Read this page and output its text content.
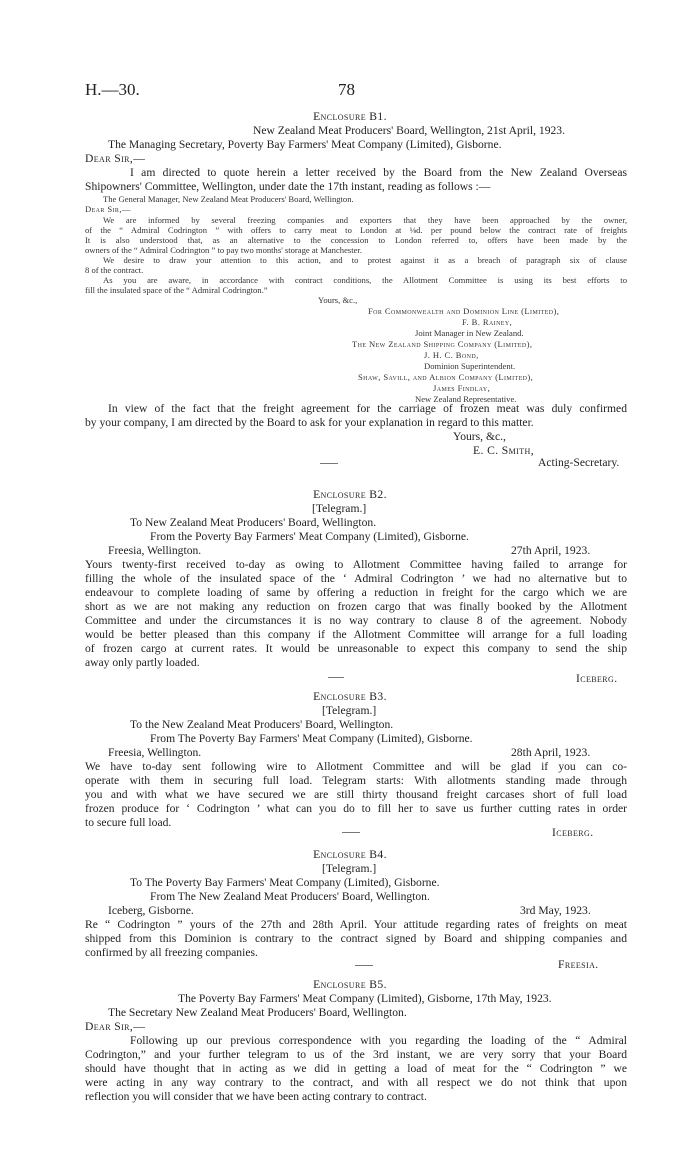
H.—30.	78
Enclosure B1.
New Zealand Meat Producers' Board, Wellington, 21st April, 1923.
The Managing Secretary, Poverty Bay Farmers' Meat Company (Limited), Gisborne.
Dear Sir,—
I am directed to quote herein a letter received by the Board from the New Zealand Overseas
Shipowners' Committee, Wellington, under date the 17th instant, reading as follows :—
The General Manager, New Zealand Meat Producers' Board, Wellington.
Dear Sir,—
We are informed by several freezing companies and exporters that they have been approached by the owner,
of the “ Admiral Codrington ” with offers to carry meat to London at ⅛d. per pound below the contract rate of freights
It is also understood that, as an alternative to the concession to London referred to, offers have been made by the
owners of the “ Admiral Codrington ” to pay two months' storage at Manchester.
We desire to draw your attention to this action, and to protest against it as a breach of paragraph six of clause
8 of the contract.
As you are aware, in accordance with contract conditions, the Allotment Committee is using its best efforts to
fill the insulated space of the “ Admiral Codrington.”
Yours, &c.,
For Commonwealth and Dominion Line (Limited),
F. B. Rainey,
Joint Manager in New Zealand.
The New Zealand Shipping Company (Limited),
J. H. C. Bond,
Dominion Superintendent.
Shaw, Savill, and Albion Company (Limited),
James Findlay,
New Zealand Representative.
In view of the fact that the freight agreement for the carriage of frozen meat was duly confirmed
by your company, I am directed by the Board to ask for your explanation in regard to this matter.
Yours, &c.,
E. C. Smith,
Acting-Secretary.
Enclosure B2.
[Telegram.]
To New Zealand Meat Producers' Board, Wellington.
From the Poverty Bay Farmers' Meat Company (Limited), Gisborne.
Freesia, Wellington.	27th April, 1923.
Yours twenty-first received to-day as owing to Allotment Committee having failed to arrange for
filling the whole of the insulated space of the ‘ Admiral Codrington ’ we had no alternative but to
endeavour to complete loading of same by offering a reduction in freight for the cargo which we are
short as we are not making any reduction on frozen cargo that was finally booked by the Allotment
Committee and under the circumstances it is no way contrary to clause 8 of the agreement. Nobody
would be better pleased than this company if the Allotment Committee will arrange for a full loading
of frozen cargo at current rates. It would be unreasonable to expect this company to send the ship
away only partly loaded.
Iceberg.
Enclosure B3.
[Telegram.]
To the New Zealand Meat Producers' Board, Wellington.
From The Poverty Bay Farmers' Meat Company (Limited), Gisborne.
Freesia, Wellington.	28th April, 1923.
We have to-day sent following wire to Allotment Committee and will be glad if you can co-
operate with them in securing full load. Telegram starts: With allotments standing made through
you and with what we have secured we are still thirty thousand freight carcases short of full load
frozen produce for ‘ Codrington ’ what can you do to fill her to save us further cutting rates in order
to secure full load.
Iceberg.
Enclosure B4.
[Telegram.]
To The Poverty Bay Farmers' Meat Company (Limited), Gisborne.
From The New Zealand Meat Producers' Board, Wellington.
Iceberg, Gisborne.	3rd May, 1923.
Re “ Codrington ” yours of the 27th and 28th April. Your attitude regarding rates of freights on meat
shipped from this Dominion is contrary to the contract signed by Board and shipping companies and
confirmed by all freezing companies.
Freesia.
Enclosure B5.
The Poverty Bay Farmers' Meat Company (Limited), Gisborne, 17th May, 1923.
The Secretary New Zealand Meat Producers' Board, Wellington.
Dear Sir,—
Following up our previous correspondence with you regarding the loading of the “ Admiral
Codrington,” and your further telegram to us of the 3rd instant, we are very sorry that your Board
should have thought that in acting as we did in getting a load of meat for the “ Codrington ” we
were acting in any way contrary to the contract, and with all respect we do not think that upon
reflection you will consider that we have been acting contrary to contract.
